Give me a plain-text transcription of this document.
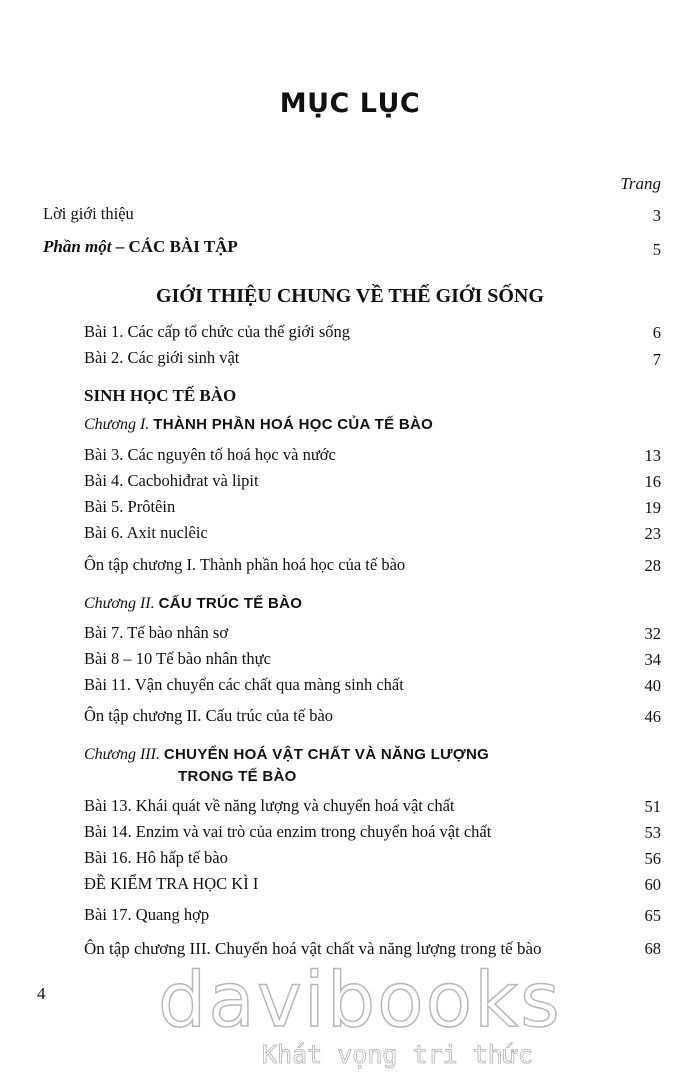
MỤC LỤC
Trang
Lời giới thiệu	3
Phần một – CÁC BÀI TẬP	5
GIỚI THIỆU CHUNG VỀ THẾ GIỚI SỐNG
Bài 1. Các cấp tổ chức của thế giới sống	6
Bài 2. Các giới sinh vật	7
SINH HỌC TẾ BÀO
Chương I. THÀNH PHẦN HOÁ HỌC CỦA TẾ BÀO
Bài 3. Các nguyên tố hoá học và nước	13
Bài 4. Cacbohiđrat và lipit	16
Bài 5. Prôtêin	19
Bài 6. Axit nuclêic	23
Ôn tập chương I. Thành phần hoá học của tế bào	28
Chương II. CẤU TRÚC TẾ BÀO
Bài 7. Tế bào nhân sơ	32
Bài 8 – 10 Tế bào nhân thực	34
Bài 11. Vận chuyển các chất qua màng sinh chất	40
Ôn tập chương II. Cấu trúc của tế bào	46
Chương III. CHUYỂN HOÁ VẬT CHẤT VÀ NĂNG LƯỢNG
TRONG TẾ BÀO
Bài 13. Khái quát về năng lượng và chuyển hoá vật chất	51
Bài 14. Enzim và vai trò của enzim trong chuyển hoá vật chất	53
Bài 16. Hô hấp tế bào	56
ĐỀ KIỂM TRA HỌC KÌ I	60
Bài 17. Quang hợp	65
Ôn tập chương III. Chuyển hoá vật chất và năng lượng trong tế bào	68
4 davibooks
Khát vọng tri thức
